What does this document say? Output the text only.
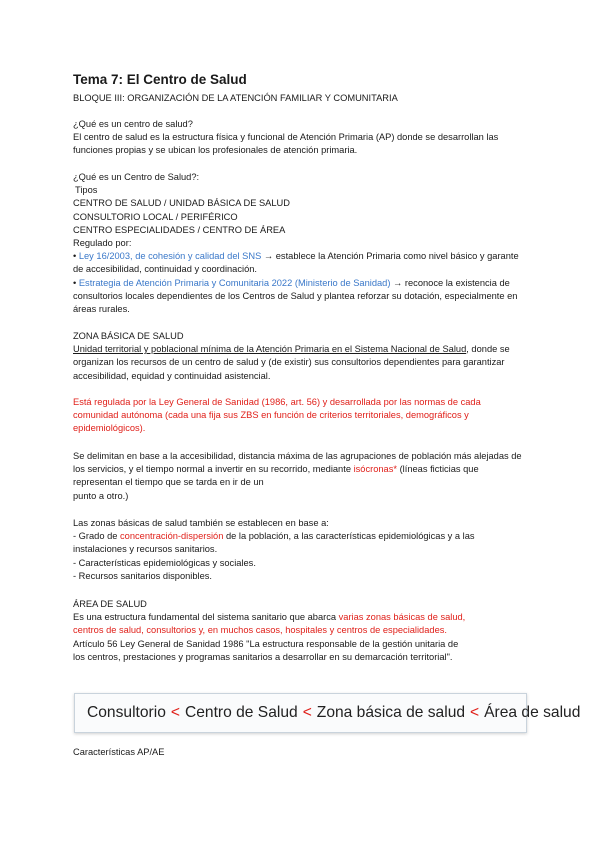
Tema 7: El Centro de Salud

BLOQUE III: ORGANIZACIÓN DE LA ATENCIÓN FAMILIAR Y COMUNITARIA

¿Qué es un centro de salud?

El centro de salud es la estructura física y funcional de Atención Primaria (AP) donde se desarrollan las funciones propias y se ubican los profesionales de atención primaria.

¿Qué es un Centro de Salud?:

Tipos

CENTRO DE SALUD / UNIDAD BÁSICA DE SALUD

CONSULTORIO LOCAL / PERIFÉRICO

CENTRO ESPECIALIDADES / CENTRO DE ÁREA

Regulado por:

• Ley 16/2003, de cohesión y calidad del SNS → establece la Atención Primaria como nivel básico y garante de accesibilidad, continuidad y coordinación.

• Estrategia de Atención Primaria y Comunitaria 2022 (Ministerio de Sanidad) → reconoce la existencia de consultorios locales dependientes de los Centros de Salud y plantea reforzar su dotación, especialmente en áreas rurales.

ZONA BÁSICA DE SALUD

Unidad territorial y poblacional mínima de la Atención Primaria en el Sistema Nacional de Salud, donde se organizan los recursos de un centro de salud y (de existir) sus consultorios dependientes para garantizar accesibilidad, equidad y continuidad asistencial.

Está regulada por la Ley General de Sanidad (1986, art. 56) y desarrollada por las normas de cada comunidad autónoma (cada una fija sus ZBS en función de criterios territoriales, demográficos y epidemiológicos).

Se delimitan en base a la accesibilidad, distancia máxima de las agrupaciones de población más alejadas de los servicios, y el tiempo normal a invertir en su recorrido, mediante isócronas* (líneas ficticias que representan el tiempo que se tarda en ir de un

punto a otro.)

Las zonas básicas de salud también se establecen en base a:

- Grado de concentración-dispersión de la población, a las características epidemiológicas y a las instalaciones y recursos sanitarios.

- Características epidemiológicas y sociales.

- Recursos sanitarios disponibles.

ÁREA DE SALUD

Es una estructura fundamental del sistema sanitario que abarca varias zonas básicas de salud, centros de salud, consultorios y, en muchos casos, hospitales y centros de especialidades.

Artículo 56 Ley General de Sanidad 1986 "La estructura responsable de la gestión unitaria de los centros, prestaciones y programas sanitarios a desarrollar en su demarcación territorial".

Consultorio < Centro de Salud < Zona básica de salud < Área de salud

Características AP/AE
